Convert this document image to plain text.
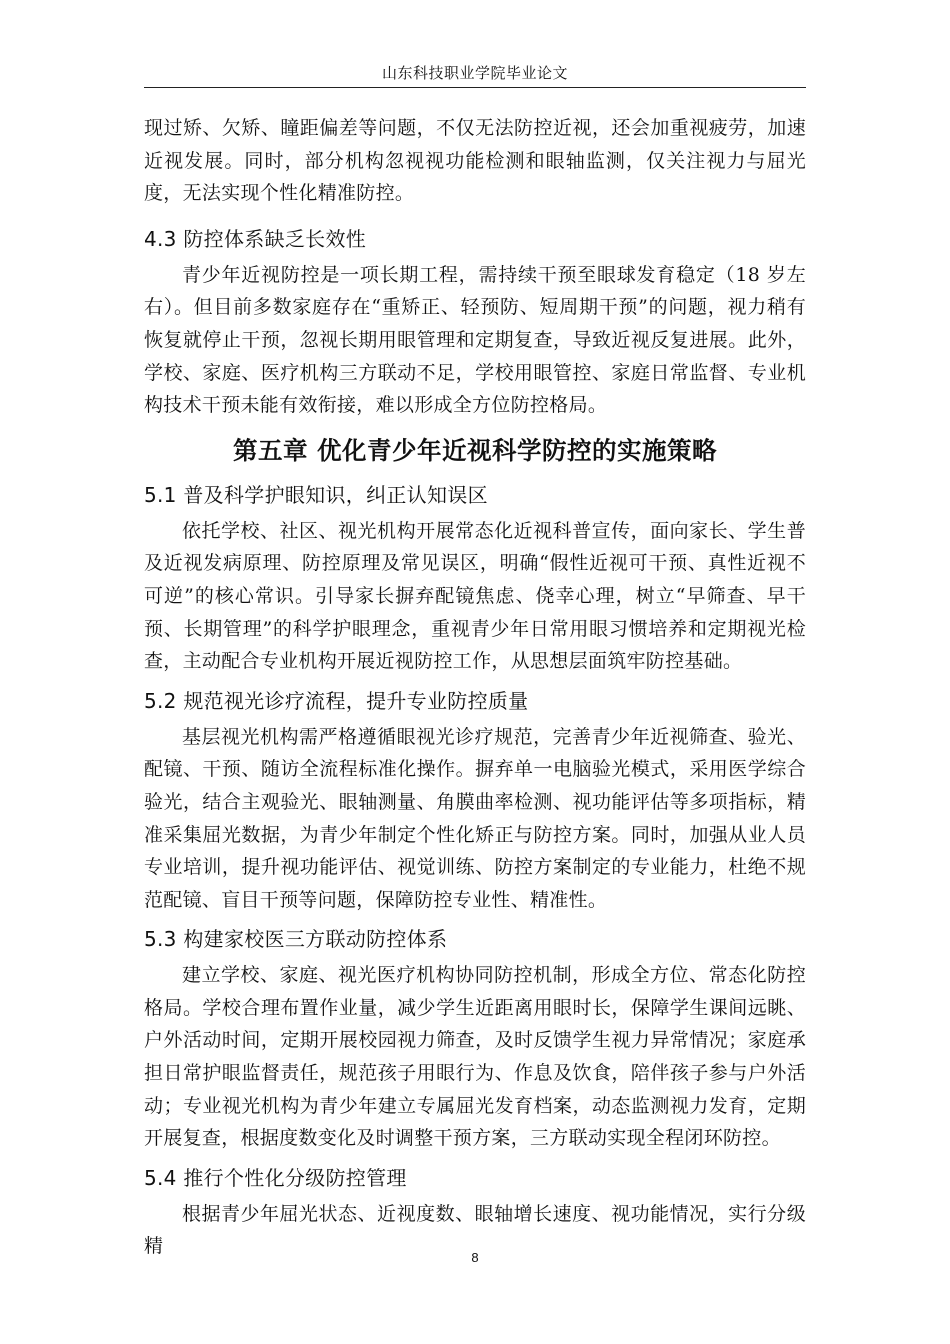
山东科技职业学院毕业论文

现过矫、欠矫、瞳距偏差等问题，不仅无法防控近视，还会加重视疲劳，加速近视发展。同时，部分机构忽视视功能检测和眼轴监测，仅关注视力与屈光度，无法实现个性化精准防控。

4.3 防控体系缺乏长效性

青少年近视防控是一项长期工程，需持续干预至眼球发育稳定（18 岁左右）。但目前多数家庭存在“重矫正、轻预防、短周期干预”的问题，视力稍有恢复就停止干预，忽视长期用眼管理和定期复查，导致近视反复进展。此外，学校、家庭、医疗机构三方联动不足，学校用眼管控、家庭日常监督、专业机构技术干预未能有效衔接，难以形成全方位防控格局。

第五章 优化青少年近视科学防控的实施策略
5.1 普及科学护眼知识，纠正认知误区

依托学校、社区、视光机构开展常态化近视科普宣传，面向家长、学生普及近视发病原理、防控原理及常见误区，明确“假性近视可干预、真性近视不可逆”的核心常识。引导家长摒弃配镜焦虑、侥幸心理，树立“早筛查、早干预、长期管理”的科学护眼理念，重视青少年日常用眼习惯培养和定期视光检查，主动配合专业机构开展近视防控工作，从思想层面筑牢防控基础。

5.2 规范视光诊疗流程，提升专业防控质量

基层视光机构需严格遵循眼视光诊疗规范，完善青少年近视筛查、验光、配镜、干预、随访全流程标准化操作。摒弃单一电脑验光模式，采用医学综合验光，结合主观验光、眼轴测量、角膜曲率检测、视功能评估等多项指标，精准采集屈光数据，为青少年制定个性化矫正与防控方案。同时，加强从业人员专业培训，提升视功能评估、视觉训练、防控方案制定的专业能力，杜绝不规范配镜、盲目干预等问题，保障防控专业性、精准性。

5.3 构建家校医三方联动防控体系

建立学校、家庭、视光医疗机构协同防控机制，形成全方位、常态化防控格局。学校合理布置作业量，减少学生近距离用眼时长，保障学生课间远眺、户外活动时间，定期开展校园视力筛查，及时反馈学生视力异常情况；家庭承担日常护眼监督责任，规范孩子用眼行为、作息及饮食，陪伴孩子参与户外活动；专业视光机构为青少年建立专属屈光发育档案，动态监测视力发育，定期开展复查，根据度数变化及时调整干预方案，三方联动实现全程闭环防控。

5.4 推行个性化分级防控管理

根据青少年屈光状态、近视度数、眼轴增长速度、视功能情况，实行分级精

8
